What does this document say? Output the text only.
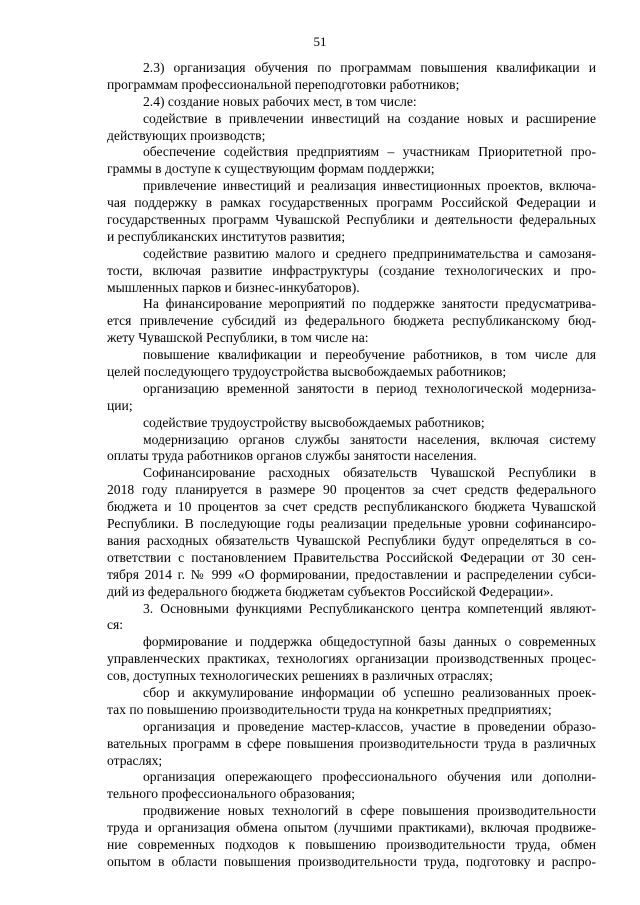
51
2.3) организация обучения по программам повышения квалификации и
программам профессиональной переподготовки работников;
2.4) создание новых рабочих мест, в том числе:
содействие в привлечении инвестиций на создание новых и расширение
действующих производств;
обеспечение содействия предприятиям – участникам Приоритетной про-
граммы в доступе к существующим формам поддержки;
привлечение инвестиций и реализация инвестиционных проектов, включа-
чая поддержку в рамках государственных программ Российской Федерации и
государственных программ Чувашской Республики и деятельности федеральных
и республиканских институтов развития;
содействие развитию малого и среднего предпринимательства и самозаня-
тости, включая развитие инфраструктуры (создание технологических и про-
мышленных парков и бизнес-инкубаторов).
На финансирование мероприятий по поддержке занятости предусматрива-
ется привлечение субсидий из федерального бюджета республиканскому бюд-
жету Чувашской Республики, в том числе на:
повышение квалификации и переобучение работников, в том числе для
целей последующего трудоустройства высвобождаемых работников;
организацию временной занятости в период технологической модерниза-
ции;
содействие трудоустройству высвобождаемых работников;
модернизацию органов службы занятости населения, включая систему
оплаты труда работников органов службы занятости населения.
Софинансирование расходных обязательств Чувашской Республики в
2018 году планируется в размере 90 процентов за счет средств федерального
бюджета и 10 процентов за счет средств республиканского бюджета Чувашской
Республики. В последующие годы реализации предельные уровни софинансиро-
вания расходных обязательств Чувашской Республики будут определяться в со-
ответствии с постановлением Правительства Российской Федерации от 30 сен-
тября 2014 г. № 999 «О формировании, предоставлении и распределении субси-
дий из федерального бюджета бюджетам субъектов Российской Федерации».
3. Основными функциями Республиканского центра компетенций являют-
ся:
формирование и поддержка общедоступной базы данных о современных
управленческих практиках, технологиях организации производственных процес-
сов, доступных технологических решениях в различных отраслях;
сбор и аккумулирование информации об успешно реализованных проек-
тах по повышению производительности труда на конкретных предприятиях;
организация и проведение мастер-классов, участие в проведении образо-
вательных программ в сфере повышения производительности труда в различных
отраслях;
организация опережающего профессионального обучения или дополни-
тельного профессионального образования;
продвижение новых технологий в сфере повышения производительности
труда и организация обмена опытом (лучшими практиками), включая продвиже-
ние современных подходов к повышению производительности труда, обмен
опытом в области повышения производительности труда, подготовку и распро-
